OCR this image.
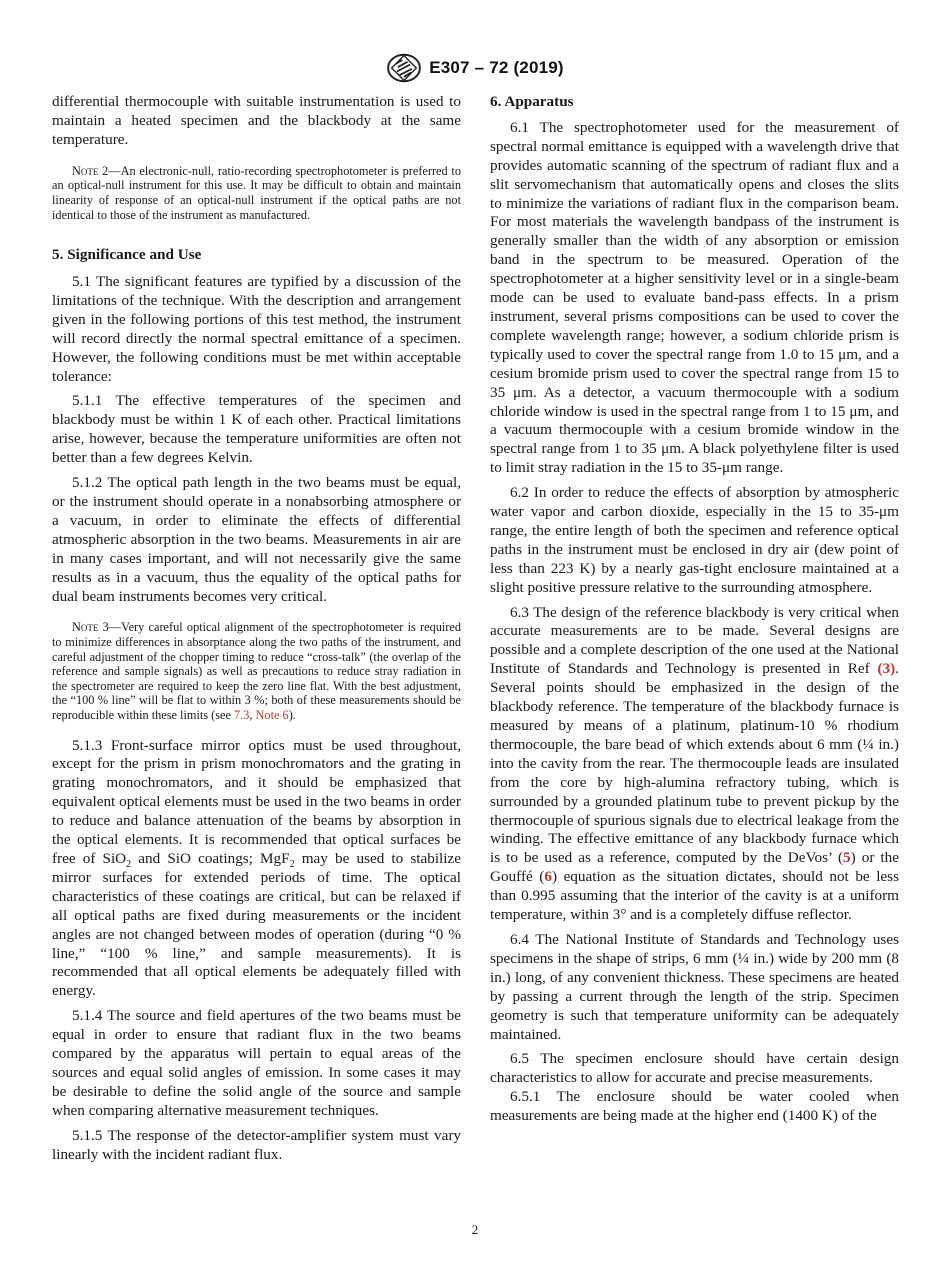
E307 – 72 (2019)

differential thermocouple with suitable instrumentation is used to maintain a heated specimen and the blackbody at the same temperature.

Note 2—An electronic-null, ratio-recording spectrophotometer is preferred to an optical-null instrument for this use. It may be difficult to obtain and maintain linearity of response of an optical-null instrument if the optical paths are not identical to those of the instrument as manufactured.

5. Significance and Use

5.1 The significant features are typified by a discussion of the limitations of the technique. With the description and arrangement given in the following portions of this test method, the instrument will record directly the normal spectral emittance of a specimen. However, the following conditions must be met within acceptable tolerance:

5.1.1 The effective temperatures of the specimen and blackbody must be within 1 K of each other. Practical limitations arise, however, because the temperature uniformities are often not better than a few degrees Kelvin.

5.1.2 The optical path length in the two beams must be equal, or the instrument should operate in a nonabsorbing atmosphere or a vacuum, in order to eliminate the effects of differential atmospheric absorption in the two beams. Measurements in air are in many cases important, and will not necessarily give the same results as in a vacuum, thus the equality of the optical paths for dual beam instruments becomes very critical.

Note 3—Very careful optical alignment of the spectrophotometer is required to minimize differences in absorptance along the two paths of the instrument, and careful adjustment of the chopper timing to reduce “cross-talk” (the overlap of the reference and sample signals) as well as precautions to reduce stray radiation in the spectrometer are required to keep the zero line flat. With the best adjustment, the “100 % line” will be flat to within 3 %; both of these measurements should be reproducible within these limits (see 7.3, Note 6).

5.1.3 Front-surface mirror optics must be used throughout, except for the prism in prism monochromators and the grating in grating monochromators, and it should be emphasized that equivalent optical elements must be used in the two beams in order to reduce and balance attenuation of the beams by absorption in the optical elements. It is recommended that optical surfaces be free of SiO$_2$ and SiO coatings; MgF$_2$ may be used to stabilize mirror surfaces for extended periods of time. The optical characteristics of these coatings are critical, but can be relaxed if all optical paths are fixed during measurements or the incident angles are not changed between modes of operation (during “0 % line,” “100 % line,” and sample measurements). It is recommended that all optical elements be adequately filled with energy.

5.1.4 The source and field apertures of the two beams must be equal in order to ensure that radiant flux in the two beams compared by the apparatus will pertain to equal areas of the sources and equal solid angles of emission. In some cases it may be desirable to define the solid angle of the source and sample when comparing alternative measurement techniques.

5.1.5 The response of the detector-amplifier system must vary linearly with the incident radiant flux.

6. Apparatus

6.1 The spectrophotometer used for the measurement of spectral normal emittance is equipped with a wavelength drive that provides automatic scanning of the spectrum of radiant flux and a slit servomechanism that automatically opens and closes the slits to minimize the variations of radiant flux in the comparison beam. For most materials the wavelength bandpass of the instrument is generally smaller than the width of any absorption or emission band in the spectrum to be measured. Operation of the spectrophotometer at a higher sensitivity level or in a single-beam mode can be used to evaluate band-pass effects. In a prism instrument, several prisms compositions can be used to cover the complete wavelength range; however, a sodium chloride prism is typically used to cover the spectral range from 1.0 to 15 μm, and a cesium bromide prism used to cover the spectral range from 15 to 35 μm. As a detector, a vacuum thermocouple with a sodium chloride window is used in the spectral range from 1 to 15 μm, and a vacuum thermocouple with a cesium bromide window in the spectral range from 1 to 35 μm. A black polyethylene filter is used to limit stray radiation in the 15 to 35-μm range.

6.2 In order to reduce the effects of absorption by atmospheric water vapor and carbon dioxide, especially in the 15 to 35-μm range, the entire length of both the specimen and reference optical paths in the instrument must be enclosed in dry air (dew point of less than 223 K) by a nearly gas-tight enclosure maintained at a slight positive pressure relative to the surrounding atmosphere.

6.3 The design of the reference blackbody is very critical when accurate measurements are to be made. Several designs are possible and a complete description of the one used at the National Institute of Standards and Technology is presented in Ref (3). Several points should be emphasized in the design of the blackbody reference. The temperature of the blackbody furnace is measured by means of a platinum, platinum-10 % rhodium thermocouple, the bare bead of which extends about 6 mm (¼ in.) into the cavity from the rear. The thermocouple leads are insulated from the core by high-alumina refractory tubing, which is surrounded by a grounded platinum tube to prevent pickup by the thermocouple of spurious signals due to electrical leakage from the winding. The effective emittance of any blackbody furnace which is to be used as a reference, computed by the DeVos’ (5) or the Gouffé (6) equation as the situation dictates, should not be less than 0.995 assuming that the interior of the cavity is at a uniform temperature, within 3° and is a completely diffuse reflector.

6.4 The National Institute of Standards and Technology uses specimens in the shape of strips, 6 mm (¼ in.) wide by 200 mm (8 in.) long, of any convenient thickness. These specimens are heated by passing a current through the length of the strip. Specimen geometry is such that temperature uniformity can be adequately maintained.

6.5 The specimen enclosure should have certain design characteristics to allow for accurate and precise measurements.

6.5.1 The enclosure should be water cooled when measurements are being made at the higher end (1400 K) of the

2
